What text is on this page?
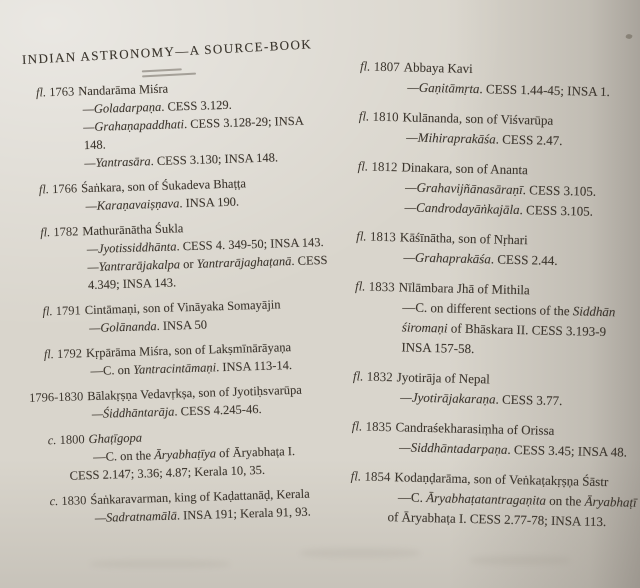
INDIAN ASTRONOMY—A SOURCE-BOOK
fl. 1763 Nandarāma Miśra
—Goladarpaṇa. CESS 3.129.
—Grahaṇapaddhati. CESS 3.128-29; INSA
148.
—Yantrasāra. CESS 3.130; INSA 148.
fl. 1766 Śaṅkara, son of Śukadeva Bhaṭṭa
—Karaṇavaiṣṇava. INSA 190.
fl. 1782 Mathurānātha Śukla
—Jyotissiddhānta. CESS 4. 349-50; INSA 143.
—Yantrarājakalpa or Yantrarājaghaṭanā. CESS
4.349; INSA 143.
fl. 1791 Cintāmaṇi, son of Vināyaka Somayājin
—Golānanda. INSA 50
fl. 1792 Kṛpārāma Miśra, son of Lakṣmīnārāyaṇa
—C. on Yantracintāmaṇi. INSA 113-14.
1796-1830 Bālakṛṣṇa Vedavṛkṣa, son of Jyotiḥsvarūpa
—Śiddhāntarāja. CESS 4.245-46.
c. 1800 Ghaṭīgopa
—C. on the Āryabhaṭīya of Āryabhaṭa I.
CESS 2.147; 3.36; 4.87; Kerala 10, 35.
c. 1830 Śaṅkaravarman, king of Kaḍattanāḍ, Kerala
—Sadratnamālā. INSA 191; Kerala 91, 93.
fl. 1807 Abbaya Kavi
—Gaṇitāmṛta. CESS 1.44-45; INSA 1.
fl. 1810 Kulānanda, son of Viśvarūpa
—Mihiraprakāśa. CESS 2.47.
fl. 1812 Dinakara, son of Ananta
—Grahavijñānasāraṇī. CESS 3.105.
—Candrodayāṅkajāla. CESS 3.105.
fl. 1813 Kāśīnātha, son of Nṛhari
—Grahaprakāśa. CESS 2.44.
fl. 1833 Nīlāmbara Jhā of Mithila
—C. on different sections of the Siddhān
śiromaṇi of Bhāskara II. CESS 3.193-9
INSA 157-58.
fl. 1832 Jyotirāja of Nepal
—Jyotirājakaraṇa. CESS 3.77.
fl. 1835 Candraśekharasiṃha of Orissa
—Siddhāntadarpaṇa. CESS 3.45; INSA 48.
fl. 1854 Kodaṇḍarāma, son of Veṅkaṭakṛṣṇa Śāstr
—C. Āryabhaṭatantragaṇita on the Āryabhaṭī
of Āryabhaṭa I. CESS 2.77-78; INSA 113.
